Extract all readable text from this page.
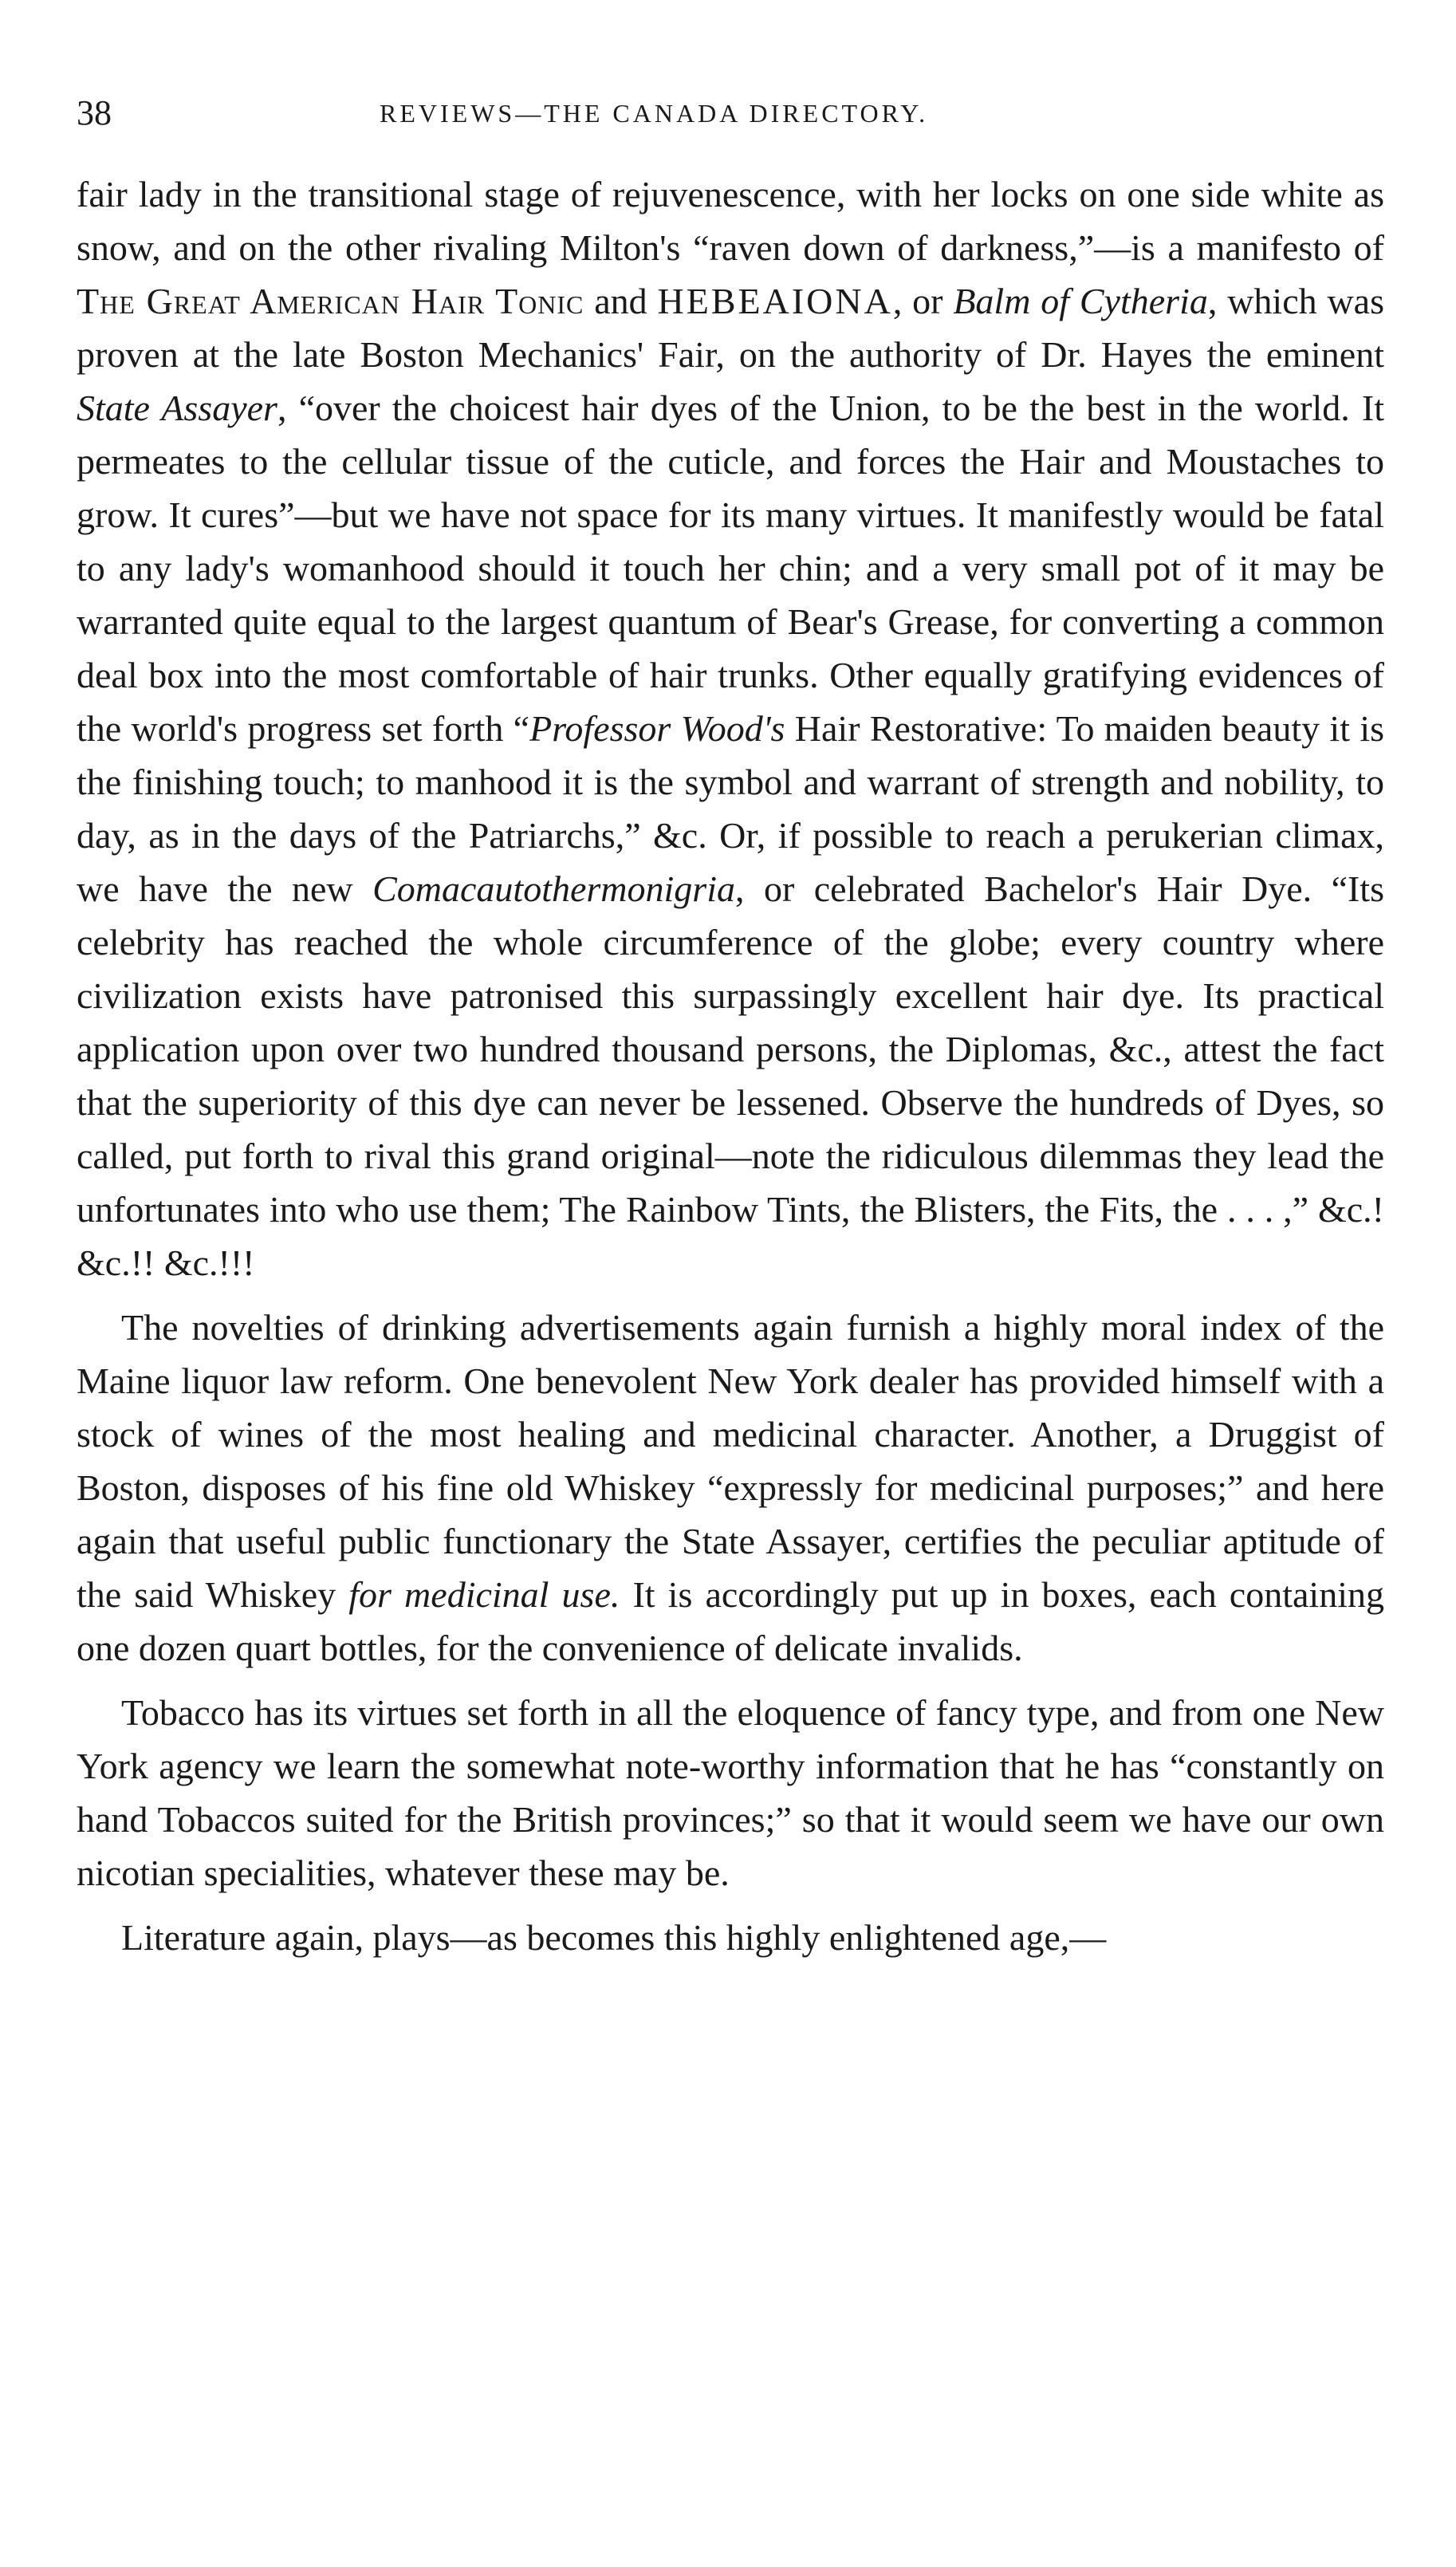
38	REVIEWS—THE CANADA DIRECTORY.

fair lady in the transitional stage of rejuvenescence, with her locks on one side white as snow, and on the other rivaling Milton's “raven down of darkness,”—is a manifesto of The Great American Hair Tonic and HEBEAIONA, or Balm of Cytheria, which was proven at the late Boston Mechanics' Fair, on the authority of Dr. Hayes the eminent State Assayer, “over the choicest hair dyes of the Union, to be the best in the world. It permeates to the cellular tissue of the cuticle, and forces the Hair and Moustaches to grow. It cures”—but we have not space for its many virtues. It manifestly would be fatal to any lady's womanhood should it touch her chin; and a very small pot of it may be warranted quite equal to the largest quantum of Bear's Grease, for converting a common deal box into the most comfortable of hair trunks. Other equally gratifying evidences of the world's progress set forth “Professor Wood's Hair Restorative: To maiden beauty it is the finishing touch; to manhood it is the symbol and warrant of strength and nobility, to day, as in the days of the Patriarchs,” &c. Or, if possible to reach a perukerian climax, we have the new Comacautothermonigria, or celebrated Bachelor's Hair Dye. “Its celebrity has reached the whole circumference of the globe; every country where civilization exists have patronised this surpassingly excellent hair dye. Its practical application upon over two hundred thousand persons, the Diplomas, &c., attest the fact that the superiority of this dye can never be lessened. Observe the hundreds of Dyes, so called, put forth to rival this grand original—note the ridiculous dilemmas they lead the unfortunates into who use them; The Rainbow Tints, the Blisters, the Fits, the . . . ,” &c.! &c.!! &c.!!!

The novelties of drinking advertisements again furnish a highly moral index of the Maine liquor law reform. One benevolent New York dealer has provided himself with a stock of wines of the most healing and medicinal character. Another, a Druggist of Boston, disposes of his fine old Whiskey “expressly for medicinal purposes;” and here again that useful public functionary the State Assayer, certifies the peculiar aptitude of the said Whiskey for medicinal use. It is accordingly put up in boxes, each containing one dozen quart bottles, for the convenience of delicate invalids.

Tobacco has its virtues set forth in all the eloquence of fancy type, and from one New York agency we learn the somewhat note-worthy information that he has “constantly on hand Tobaccos suited for the British provinces;” so that it would seem we have our own nicotian specialities, whatever these may be.

Literature again, plays—as becomes this highly enlightened age,—
